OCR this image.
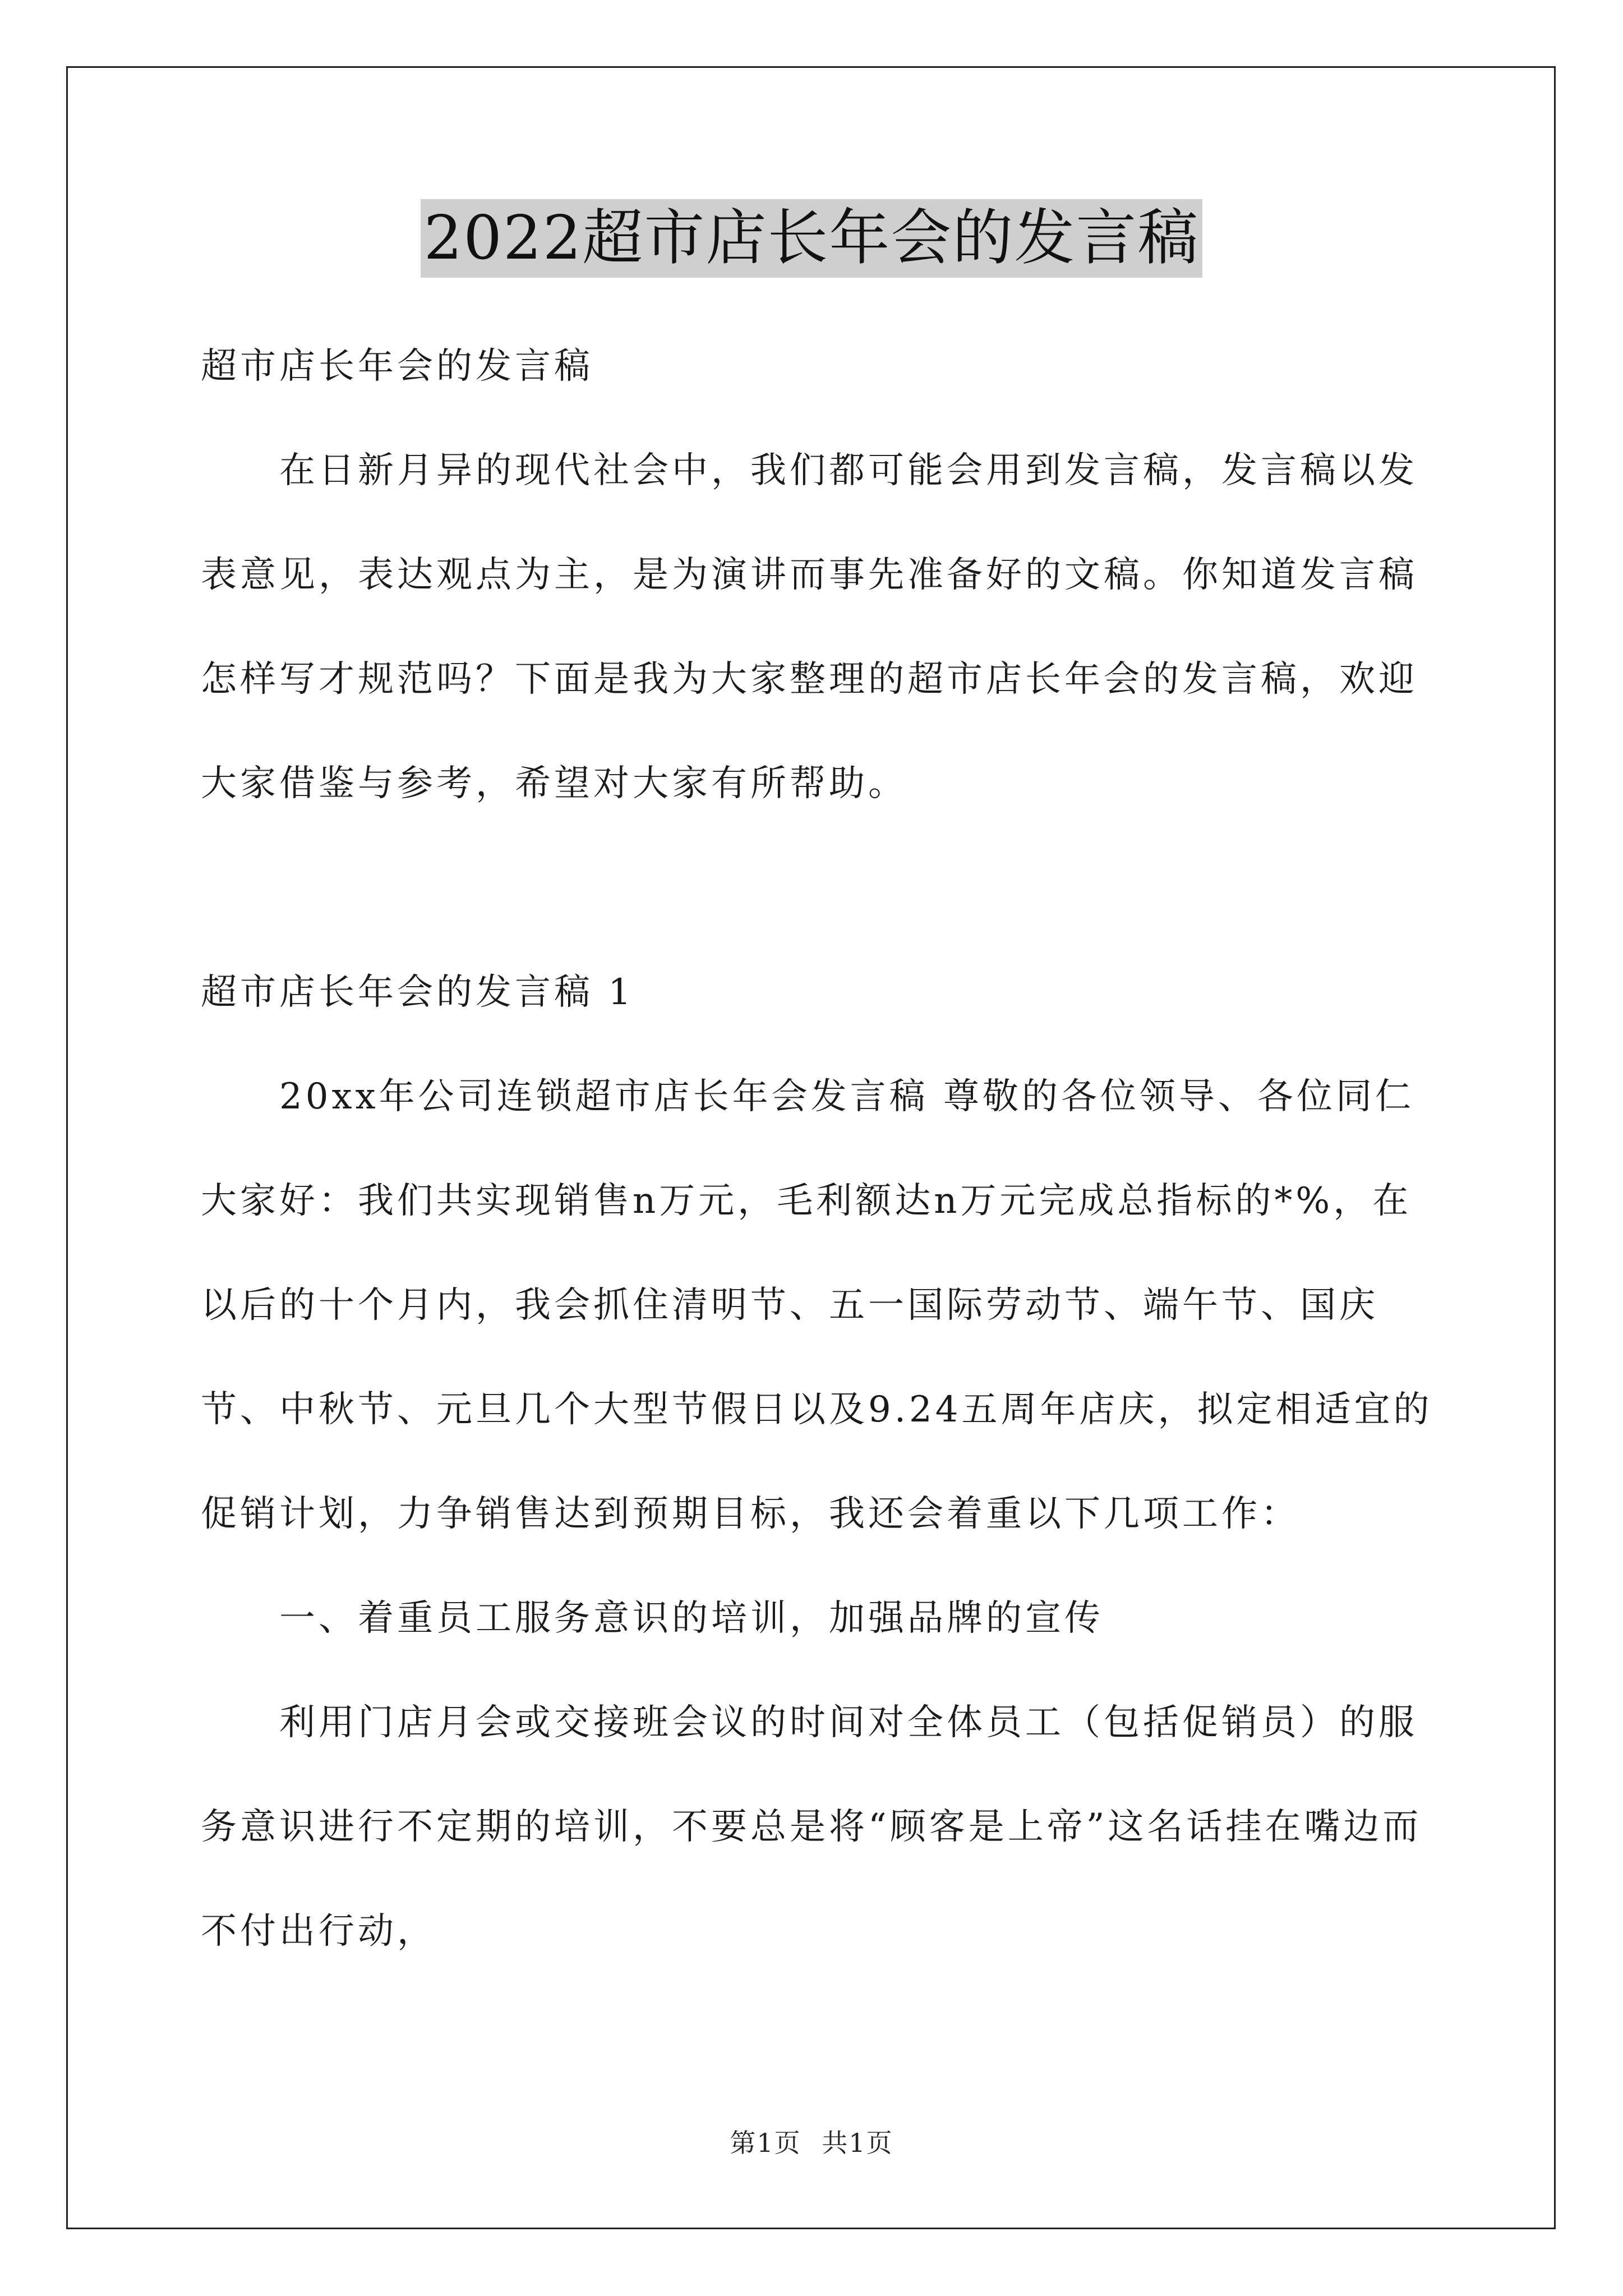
2022超市店长年会的发言稿

超市店长年会的发言稿

在日新月异的现代社会中，我们都可能会用到发言稿，发言稿以发表意见，表达观点为主，是为演讲而事先准备好的文稿。你知道发言稿怎样写才规范吗？下面是我为大家整理的超市店长年会的发言稿，欢迎大家借鉴与参考，希望对大家有所帮助。

超市店长年会的发言稿 1

20xx年公司连锁超市店长年会发言稿 尊敬的各位领导、各位同仁大家好：我们共实现销售n万元，毛利额达n万元完成总指标的*%，在以后的十个月内，我会抓住清明节、五一国际劳动节、端午节、国庆节、中秋节、元旦几个大型节假日以及9.24五周年店庆，拟定相适宜的促销计划，力争销售达到预期目标，我还会着重以下几项工作：

一、着重员工服务意识的培训，加强品牌的宣传

利用门店月会或交接班会议的时间对全体员工（包括促销员）的服务意识进行不定期的培训，不要总是将“顾客是上帝”这名话挂在嘴边而不付出行动，

第1页 共1页
